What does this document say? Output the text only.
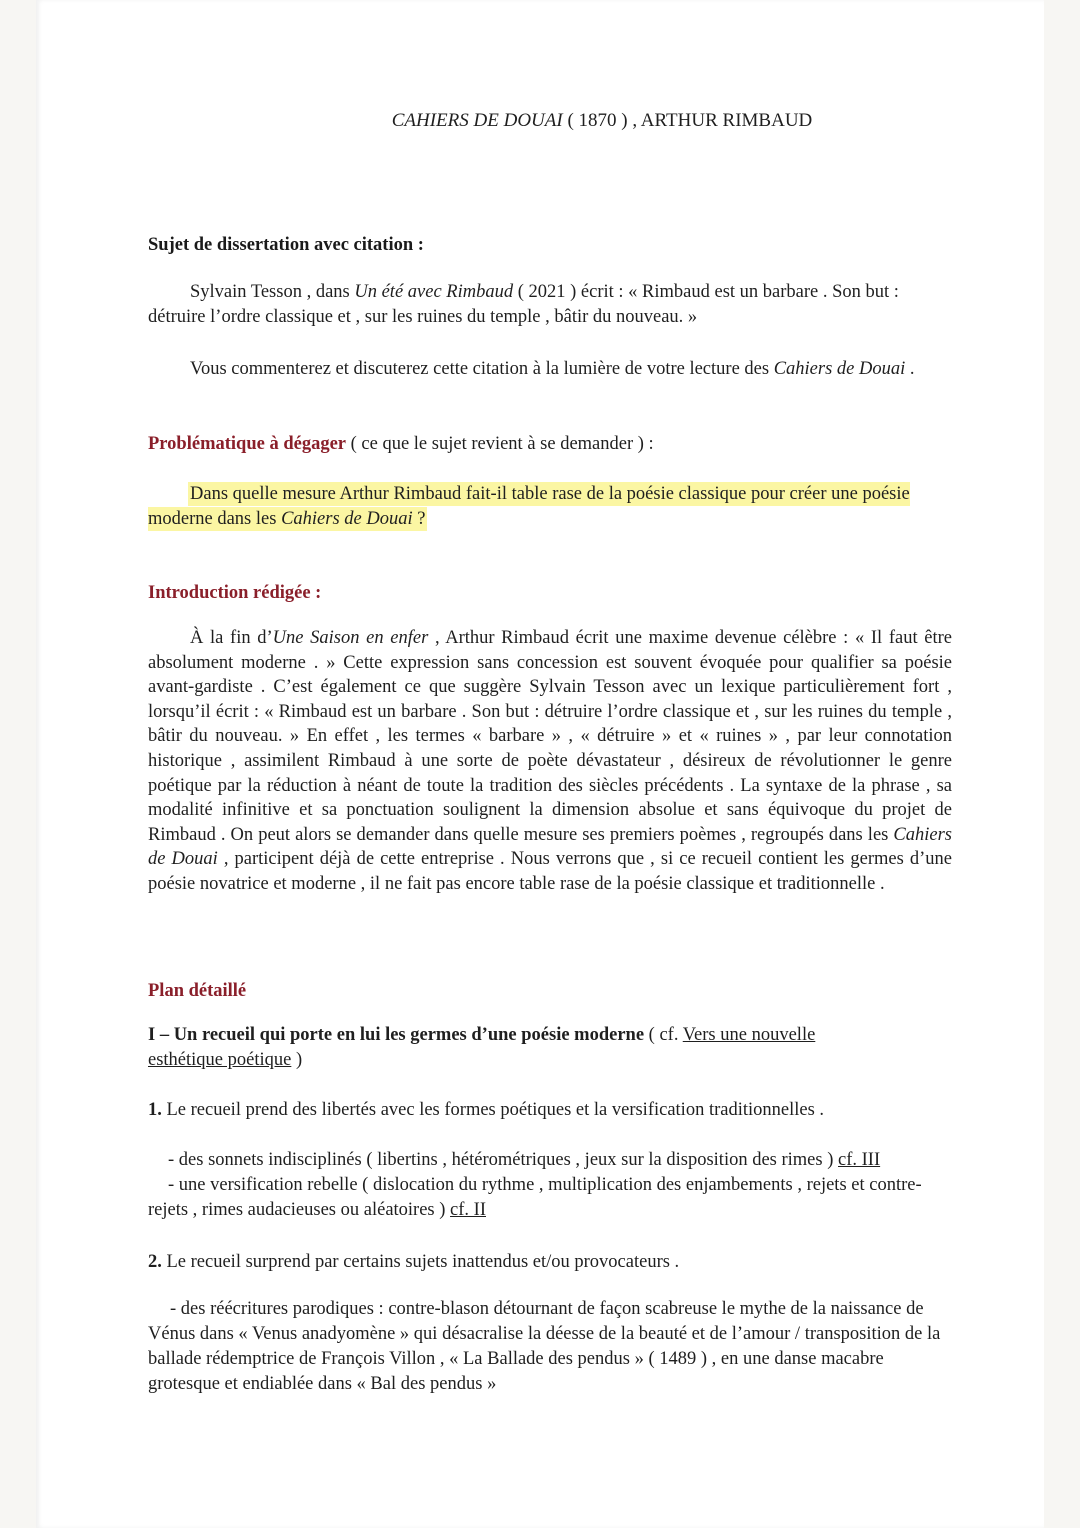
CAHIERS DE DOUAI ( 1870 ) , ARTHUR RIMBAUD
Sujet de dissertation avec citation :

Sylvain Tesson , dans Un été avec Rimbaud ( 2021 ) écrit : « Rimbaud est un barbare . Son but : détruire l’ordre classique et , sur les ruines du temple , bâtir du nouveau. »

Vous commenterez et discuterez cette citation à la lumière de votre lecture des Cahiers de Douai .

Problématique à dégager ( ce que le sujet revient à se demander ) :

Dans quelle mesure Arthur Rimbaud fait-il table rase de la poésie classique pour créer une poésie moderne dans les Cahiers de Douai ?

Introduction rédigée :

À la fin d’Une Saison en enfer , Arthur Rimbaud écrit une maxime devenue célèbre : « Il faut être absolument moderne . » Cette expression sans concession est souvent évoquée pour qualifier sa poésie avant-gardiste . C’est également ce que suggère Sylvain Tesson avec un lexique particulièrement fort , lorsqu’il écrit : « Rimbaud est un barbare . Son but : détruire l’ordre classique et , sur les ruines du temple , bâtir du nouveau. » En effet , les termes « barbare » , « détruire » et « ruines » , par leur connotation historique , assimilent Rimbaud à une sorte de poète dévastateur , désireux de révolutionner le genre poétique par la réduction à néant de toute la tradition des siècles précédents . La syntaxe de la phrase , sa modalité infinitive et sa ponctuation soulignent la dimension absolue et sans équivoque du projet de Rimbaud . On peut alors se demander dans quelle mesure ses premiers poèmes , regroupés dans les Cahiers de Douai , participent déjà de cette entreprise . Nous verrons que , si ce recueil contient les germes d’une poésie novatrice et moderne , il ne fait pas encore table rase de la poésie classique et traditionnelle .

Plan détaillé

I – Un recueil qui porte en lui les germes d’une poésie moderne ( cf. Vers une nouvelle esthétique poétique )

1. Le recueil prend des libertés avec les formes poétiques et la versification traditionnelles .

- des sonnets indisciplinés ( libertins , hétérométriques , jeux sur la disposition des rimes ) cf. III

- une versification rebelle ( dislocation du rythme , multiplication des enjambements , rejets et contre-rejets , rimes audacieuses ou aléatoires ) cf. II

2. Le recueil surprend par certains sujets inattendus et/ou provocateurs .

- des réécritures parodiques : contre-blason détournant de façon scabreuse le mythe de la naissance de Vénus dans « Venus anadyomène » qui désacralise la déesse de la beauté et de l’amour / transposition de la ballade rédemptrice de François Villon , « La Ballade des pendus » ( 1489 ) , en une danse macabre grotesque et endiablée dans « Bal des pendus »
